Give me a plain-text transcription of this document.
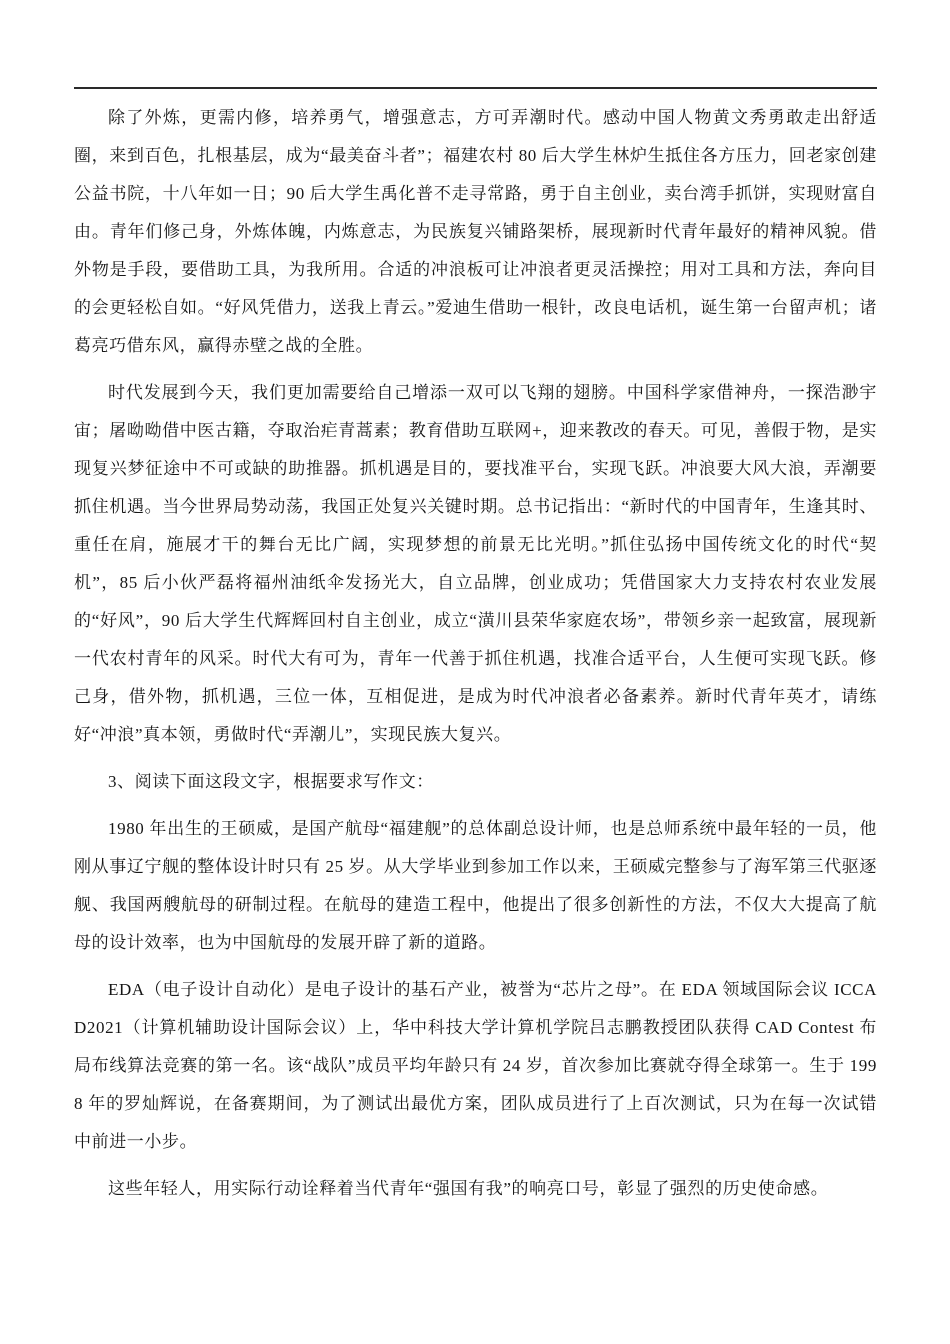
除了外炼，更需内修，培养勇气，增强意志，方可弄潮时代。感动中国人物黄文秀勇敢走出舒适圈，来到百色，扎根基层，成为“最美奋斗者”；福建农村 80 后大学生林炉生抵住各方压力，回老家创建公益书院，十八年如一日；90 后大学生禹化普不走寻常路，勇于自主创业，卖台湾手抓饼，实现财富自由。青年们修己身，外炼体魄，内炼意志，为民族复兴铺路架桥，展现新时代青年最好的精神风貌。借外物是手段，要借助工具，为我所用。合适的冲浪板可让冲浪者更灵活操控；用对工具和方法，奔向目的会更轻松自如。“好风凭借力，送我上青云。”爱迪生借助一根针，改良电话机，诞生第一台留声机；诸葛亮巧借东风，赢得赤壁之战的全胜。

时代发展到今天，我们更加需要给自己增添一双可以飞翔的翅膀。中国科学家借神舟，一探浩渺宇宙；屠呦呦借中医古籍，夺取治疟青蒿素；教育借助互联网+，迎来教改的春天。可见，善假于物，是实现复兴梦征途中不可或缺的助推器。抓机遇是目的，要找准平台，实现飞跃。冲浪要大风大浪，弄潮要抓住机遇。当今世界局势动荡，我国正处复兴关键时期。总书记指出：“新时代的中国青年，生逢其时、重任在肩，施展才干的舞台无比广阔，实现梦想的前景无比光明。”抓住弘扬中国传统文化的时代“契机”，85 后小伙严磊将福州油纸伞发扬光大，自立品牌，创业成功；凭借国家大力支持农村农业发展的“好风”，90 后大学生代辉辉回村自主创业，成立“潢川县荣华家庭农场”，带领乡亲一起致富，展现新一代农村青年的风采。时代大有可为，青年一代善于抓住机遇，找准合适平台，人生便可实现飞跃。修己身，借外物，抓机遇，三位一体，互相促进，是成为时代冲浪者必备素养。新时代青年英才，请练好“冲浪”真本领，勇做时代“弄潮儿”，实现民族大复兴。

3、阅读下面这段文字，根据要求写作文：

1980 年出生的王硕威，是国产航母“福建舰”的总体副总设计师，也是总师系统中最年轻的一员，他刚从事辽宁舰的整体设计时只有 25 岁。从大学毕业到参加工作以来，王硕威完整参与了海军第三代驱逐舰、我国两艘航母的研制过程。在航母的建造工程中，他提出了很多创新性的方法，不仅大大提高了航母的设计效率，也为中国航母的发展开辟了新的道路。

EDA（电子设计自动化）是电子设计的基石产业，被誉为“芯片之母”。在 EDA 领域国际会议 ICCAD2021（计算机辅助设计国际会议）上，华中科技大学计算机学院吕志鹏教授团队获得 CAD Contest 布局布线算法竞赛的第一名。该“战队”成员平均年龄只有 24 岁，首次参加比赛就夺得全球第一。生于 1998 年的罗灿辉说，在备赛期间，为了测试出最优方案，团队成员进行了上百次测试，只为在每一次试错中前进一小步。

这些年轻人，用实际行动诠释着当代青年“强国有我”的响亮口号，彰显了强烈的历史使命感。
